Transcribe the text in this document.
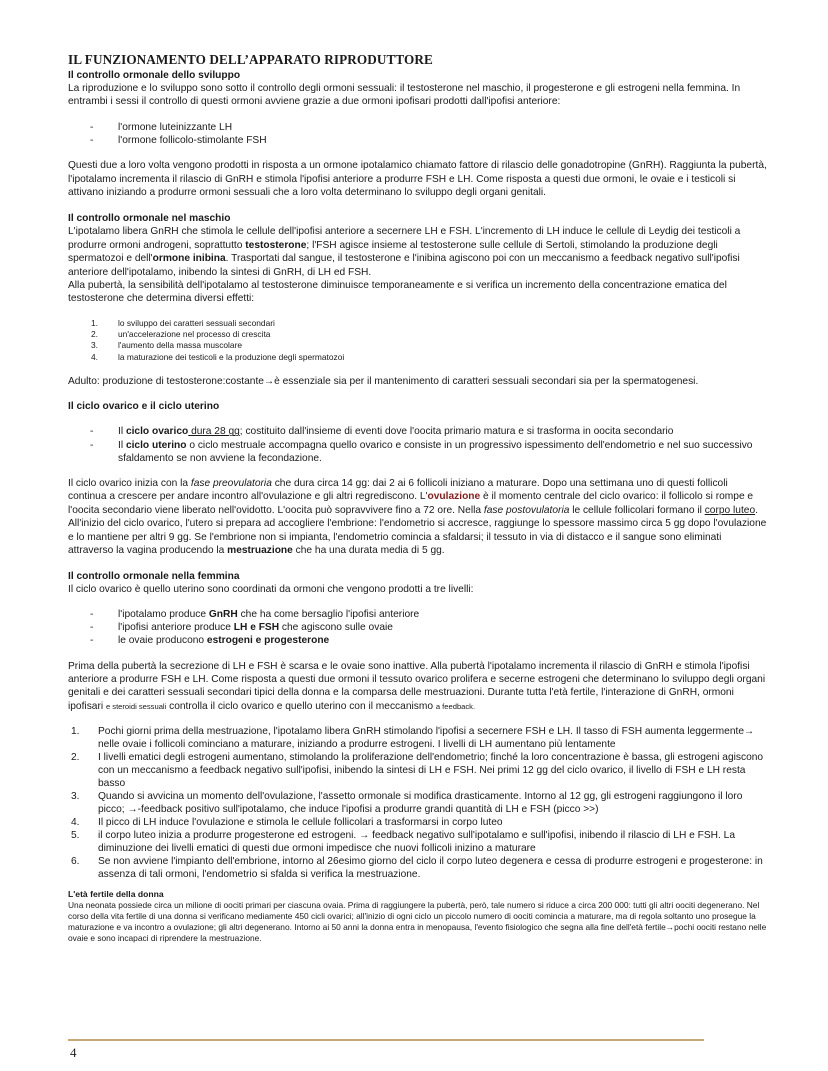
IL FUNZIONAMENTO DELL’APPARATO RIPRODUTTORE
Il controllo ormonale dello sviluppo

La riproduzione e lo sviluppo sono sotto il controllo degli ormoni sessuali: il testosterone nel maschio, il progesterone e gli estrogeni nella femmina. In entrambi i sessi il controllo di questi ormoni avviene grazie a due ormoni ipofisari prodotti dall'ipofisi anteriore:

- l'ormone luteinizzante LH
- l'ormone follicolo-stimolante FSH

Questi due a loro volta vengono prodotti in risposta a un ormone ipotalamico chiamato fattore di rilascio delle gonadotropine (GnRH). Raggiunta la pubertà, l'ipotalamo incrementa il rilascio di GnRH e stimola l'ipofisi anteriore a produrre FSH e LH. Come risposta a questi due ormoni, le ovaie e i testicoli si attivano iniziando a produrre ormoni sessuali che a loro volta determinano lo sviluppo degli organi genitali.

Il controllo ormonale nel maschio

L'ipotalamo libera GnRH che stimola le cellule dell'ipofisi anteriore a secernere LH e FSH. L'incremento di LH induce le cellule di Leydig dei testicoli a produrre ormoni androgeni, soprattutto testosterone; l'FSH agisce insieme al testosterone sulle cellule di Sertoli, stimolando la produzione degli spermatozoi e dell'ormone inibina. Trasportati dal sangue, il testosterone e l'inibina agiscono poi con un meccanismo a feedback negativo sull'ipofisi anteriore dell'ipotalamo, inibendo la sintesi di GnRH, di LH ed FSH.

Alla pubertà, la sensibilità dell'ipotalamo al testosterone diminuisce temporaneamente e si verifica un incremento della concentrazione ematica del testosterone che determina diversi effetti:

1. lo sviluppo dei caratteri sessuali secondari
2. un'accelerazione nel processo di crescita
3. l'aumento della massa muscolare
4. la maturazione dei testicoli e la produzione degli spermatozoi

Adulto: produzione di testosterone:costante→è essenziale sia per il mantenimento di caratteri sessuali secondari sia per la spermatogenesi.

Il ciclo ovarico e il ciclo uterino
- Il ciclo ovarico dura 28 gg; costituito dall'insieme di eventi dove l'oocita primario matura e si trasforma in oocita secondario
- Il ciclo uterino o ciclo mestruale accompagna quello ovarico e consiste in un progressivo ispessimento dell'endometrio e nel suo successivo sfaldamento se non avviene la fecondazione.

Il ciclo ovarico inizia con la fase preovulatoria che dura circa 14 gg: dai 2 ai 6 follicoli iniziano a maturare. Dopo una settimana uno di questi follicoli continua a crescere per andare incontro all'ovulazione e gli altri regrediscono. L'ovulazione è il momento centrale del ciclo ovarico: il follicolo si rompe e l'oocita secondario viene liberato nell'ovidotto. L'oocita può sopravvivere fino a 72 ore. Nella fase postovulatoria le cellule follicolari formano il corpo luteo. All'inizio del ciclo ovarico, l'utero si prepara ad accogliere l'embrione: l'endometrio si accresce, raggiunge lo spessore massimo circa 5 gg dopo l'ovulazione e lo mantiene per altri 9 gg. Se l'embrione non si impianta, l'endometrio comincia a sfaldarsi; il tessuto in via di distacco e il sangue sono eliminati attraverso la vagina producendo la mestruazione che ha una durata media di 5 gg.

Il controllo ormonale nella femmina

Il ciclo ovarico è quello uterino sono coordinati da ormoni che vengono prodotti a tre livelli:

- l'ipotalamo produce GnRH che ha come bersaglio l'ipofisi anteriore
- l'ipofisi anteriore produce LH e FSH che agiscono sulle ovaie
- le ovaie producono estrogeni e progesterone

Prima della pubertà la secrezione di LH e FSH è scarsa e le ovaie sono inattive. Alla pubertà l'ipotalamo incrementa il rilascio di GnRH e stimola l'ipofisi anteriore a produrre FSH e LH. Come risposta a questi due ormoni il tessuto ovarico prolifera e secerne estrogeni che determinano lo sviluppo degli organi genitali e dei caratteri sessuali secondari tipici della donna e la comparsa delle mestruazioni. Durante tutta l'età fertile, l'interazione di GnRH, ormoni ipofisari e steroidi sessuali controlla il ciclo ovarico e quello uterino con il meccanismo a feedback.

1. Pochi giorni prima della mestruazione, l'ipotalamo libera GnRH stimolando l'ipofisi a secernere FSH e LH. Il tasso di FSH aumenta leggermente→ nelle ovaie i follicoli cominciano a maturare, iniziando a produrre estrogeni. I livelli di LH aumentano più lentamente
2. I livelli ematici degli estrogeni aumentano, stimolando la proliferazione dell'endometrio; finché la loro concentrazione è bassa, gli estrogeni agiscono con un meccanismo a feedback negativo sull'ipofisi, inibendo la sintesi di LH e FSH. Nei primi 12 gg del ciclo ovarico, il livello di FSH e LH resta basso
3. Quando si avvicina un momento dell'ovulazione, l'assetto ormonale si modifica drasticamente. Intorno al 12 gg, gli estrogeni raggiungono il loro picco; →-feedback positivo sull'ipotalamo, che induce l'ipofisi a produrre grandi quantità di LH e FSH (picco >>)
4. Il picco di LH induce l'ovulazione e stimola le cellule follicolari a trasformarsi in corpo luteo
5. il corpo luteo inizia a produrre progesterone ed estrogeni. → feedback negativo sull'ipotalamo e sull'ipofisi, inibendo il rilascio di LH e FSH. La diminuzione dei livelli ematici di questi due ormoni impedisce che nuovi follicoli inizino a maturare
6. Se non avviene l'impianto dell'embrione, intorno al 26esimo giorno del ciclo il corpo luteo degenera e cessa di produrre estrogeni e progesterone: in assenza di tali ormoni, l'endometrio si sfalda si verifica la mestruazione.
L'età fertile della donna

Una neonata possiede circa un milione di oociti primari per ciascuna ovaia. Prima di raggiungere la pubertà, però, tale numero si riduce a circa 200 000: tutti gli altri oociti degenerano. Nel corso della vita fertile di una donna si verificano mediamente 450 cicli ovarici; all'inizio di ogni ciclo un piccolo numero di oociti comincia a maturare, ma di regola soltanto uno prosegue la maturazione e va incontro a ovulazione; gli altri degenerano. Intorno ai 50 anni la donna entra in menopausa, l'evento fisiologico che segna alla fine dell'età fertile→pochi oociti restano nelle ovaie e sono incapaci di riprendere la mestruazione.

4
